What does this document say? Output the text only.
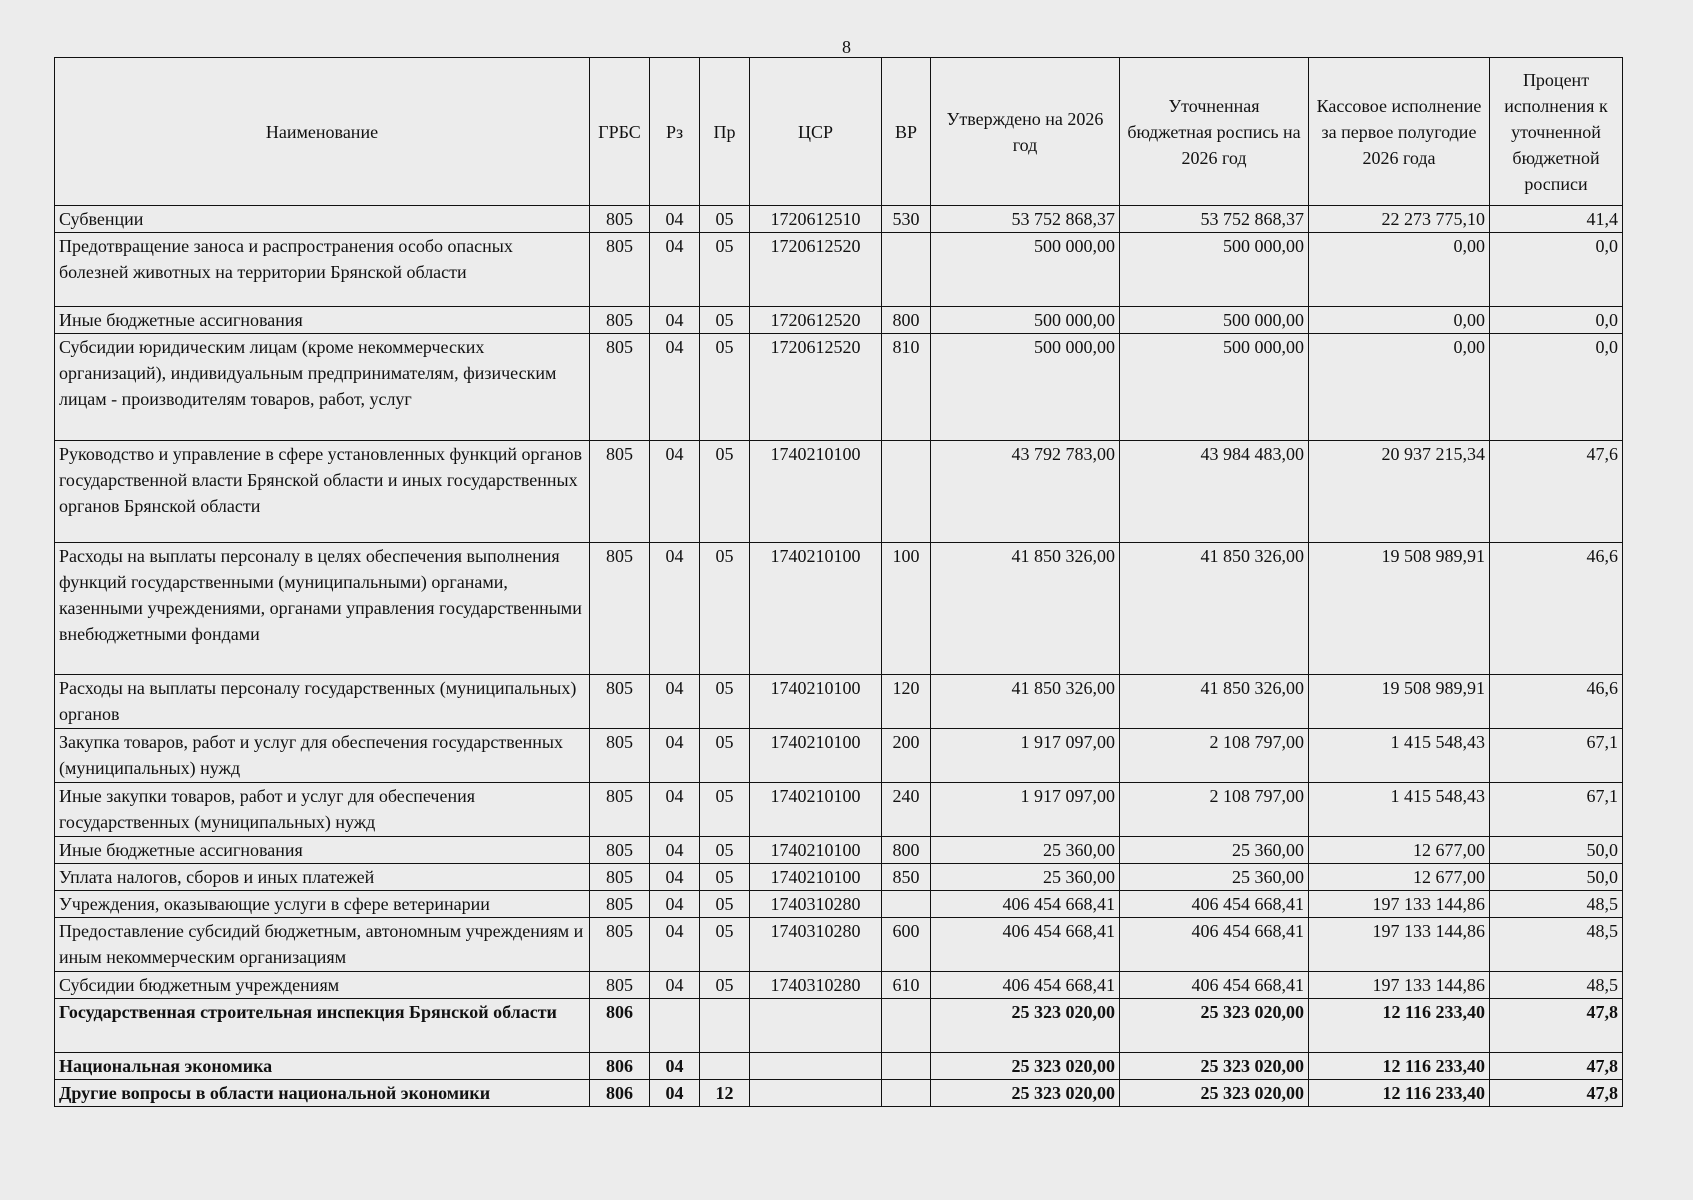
8
Наименование	ГРБС	Рз	Пр	ЦСР	ВР	Утверждено на 2026 год	Уточненная бюджетная роспись на 2026 год	Кассовое исполнение за первое полугодие 2026 года	Процент исполнения к уточненной бюджетной росписи
Субвенции	805	04	05	1720612510	530	53 752 868,37	53 752 868,37	22 273 775,10	41,4
Предотвращение заноса и распространения особо опасных болезней животных на территории Брянской области	805	04	05	1720612520		500 000,00	500 000,00	0,00	0,0
Иные бюджетные ассигнования	805	04	05	1720612520	800	500 000,00	500 000,00	0,00	0,0
Субсидии юридическим лицам (кроме некоммерческих организаций), индивидуальным предпринимателям, физическим лицам - производителям товаров, работ, услуг	805	04	05	1720612520	810	500 000,00	500 000,00	0,00	0,0
Руководство и управление в сфере установленных функций органов государственной власти Брянской области и иных государственных органов Брянской области	805	04	05	1740210100		43 792 783,00	43 984 483,00	20 937 215,34	47,6
Расходы на выплаты персоналу в целях обеспечения выполнения функций государственными (муниципальными) органами, казенными учреждениями, органами управления государственными внебюджетными фондами	805	04	05	1740210100	100	41 850 326,00	41 850 326,00	19 508 989,91	46,6
Расходы на выплаты персоналу государственных (муниципальных) органов	805	04	05	1740210100	120	41 850 326,00	41 850 326,00	19 508 989,91	46,6
Закупка товаров, работ и услуг для обеспечения государственных (муниципальных) нужд	805	04	05	1740210100	200	1 917 097,00	2 108 797,00	1 415 548,43	67,1
Иные закупки товаров, работ и услуг для обеспечения государственных (муниципальных) нужд	805	04	05	1740210100	240	1 917 097,00	2 108 797,00	1 415 548,43	67,1
Иные бюджетные ассигнования	805	04	05	1740210100	800	25 360,00	25 360,00	12 677,00	50,0
Уплата налогов, сборов и иных платежей	805	04	05	1740210100	850	25 360,00	25 360,00	12 677,00	50,0
Учреждения, оказывающие услуги в сфере ветеринарии	805	04	05	1740310280		406 454 668,41	406 454 668,41	197 133 144,86	48,5
Предоставление субсидий бюджетным, автономным учреждениям и иным некоммерческим организациям	805	04	05	1740310280	600	406 454 668,41	406 454 668,41	197 133 144,86	48,5
Субсидии бюджетным учреждениям	805	04	05	1740310280	610	406 454 668,41	406 454 668,41	197 133 144,86	48,5
Государственная строительная инспекция Брянской области	806					25 323 020,00	25 323 020,00	12 116 233,40	47,8
Национальная экономика	806	04				25 323 020,00	25 323 020,00	12 116 233,40	47,8
Другие вопросы в области национальной экономики	806	04	12			25 323 020,00	25 323 020,00	12 116 233,40	47,8
